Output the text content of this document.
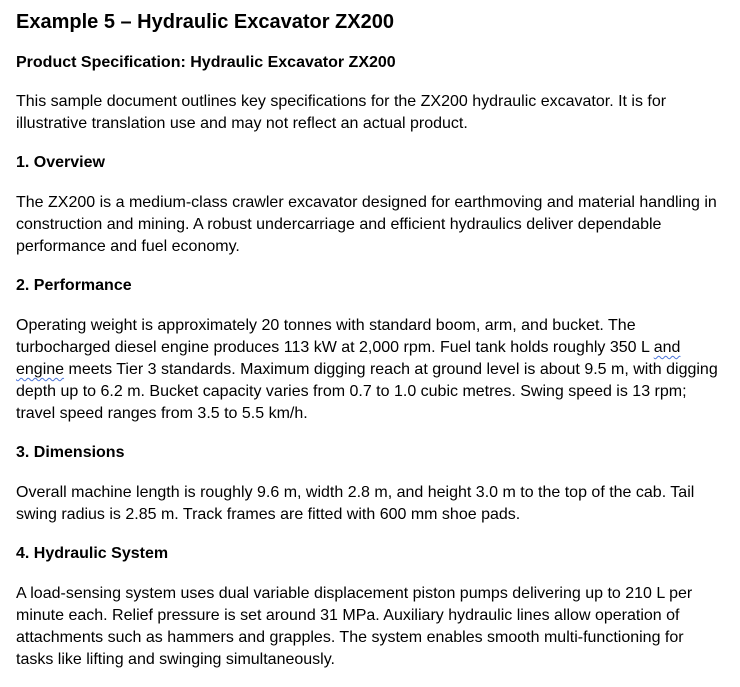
Example 5 – Hydraulic Excavator ZX200
Product Specification: Hydraulic Excavator ZX200

This sample document outlines key specifications for the ZX200 hydraulic excavator. It is for illustrative translation use and may not reflect an actual product.

1. Overview

The ZX200 is a medium-class crawler excavator designed for earthmoving and material handling in construction and mining. A robust undercarriage and efficient hydraulics deliver dependable performance and fuel economy.

2. Performance

Operating weight is approximately 20 tonnes with standard boom, arm, and bucket. The turbocharged diesel engine produces 113 kW at 2,000 rpm. Fuel tank holds roughly 350 L and engine meets Tier 3 standards. Maximum digging reach at ground level is about 9.5 m, with digging depth up to 6.2 m. Bucket capacity varies from 0.7 to 1.0 cubic metres. Swing speed is 13 rpm; travel speed ranges from 3.5 to 5.5 km/h.

3. Dimensions

Overall machine length is roughly 9.6 m, width 2.8 m, and height 3.0 m to the top of the cab. Tail swing radius is 2.85 m. Track frames are fitted with 600 mm shoe pads.

4. Hydraulic System

A load-sensing system uses dual variable displacement piston pumps delivering up to 210 L per minute each. Relief pressure is set around 31 MPa. Auxiliary hydraulic lines allow operation of attachments such as hammers and grapples. The system enables smooth multi-functioning for tasks like lifting and swinging simultaneously.
